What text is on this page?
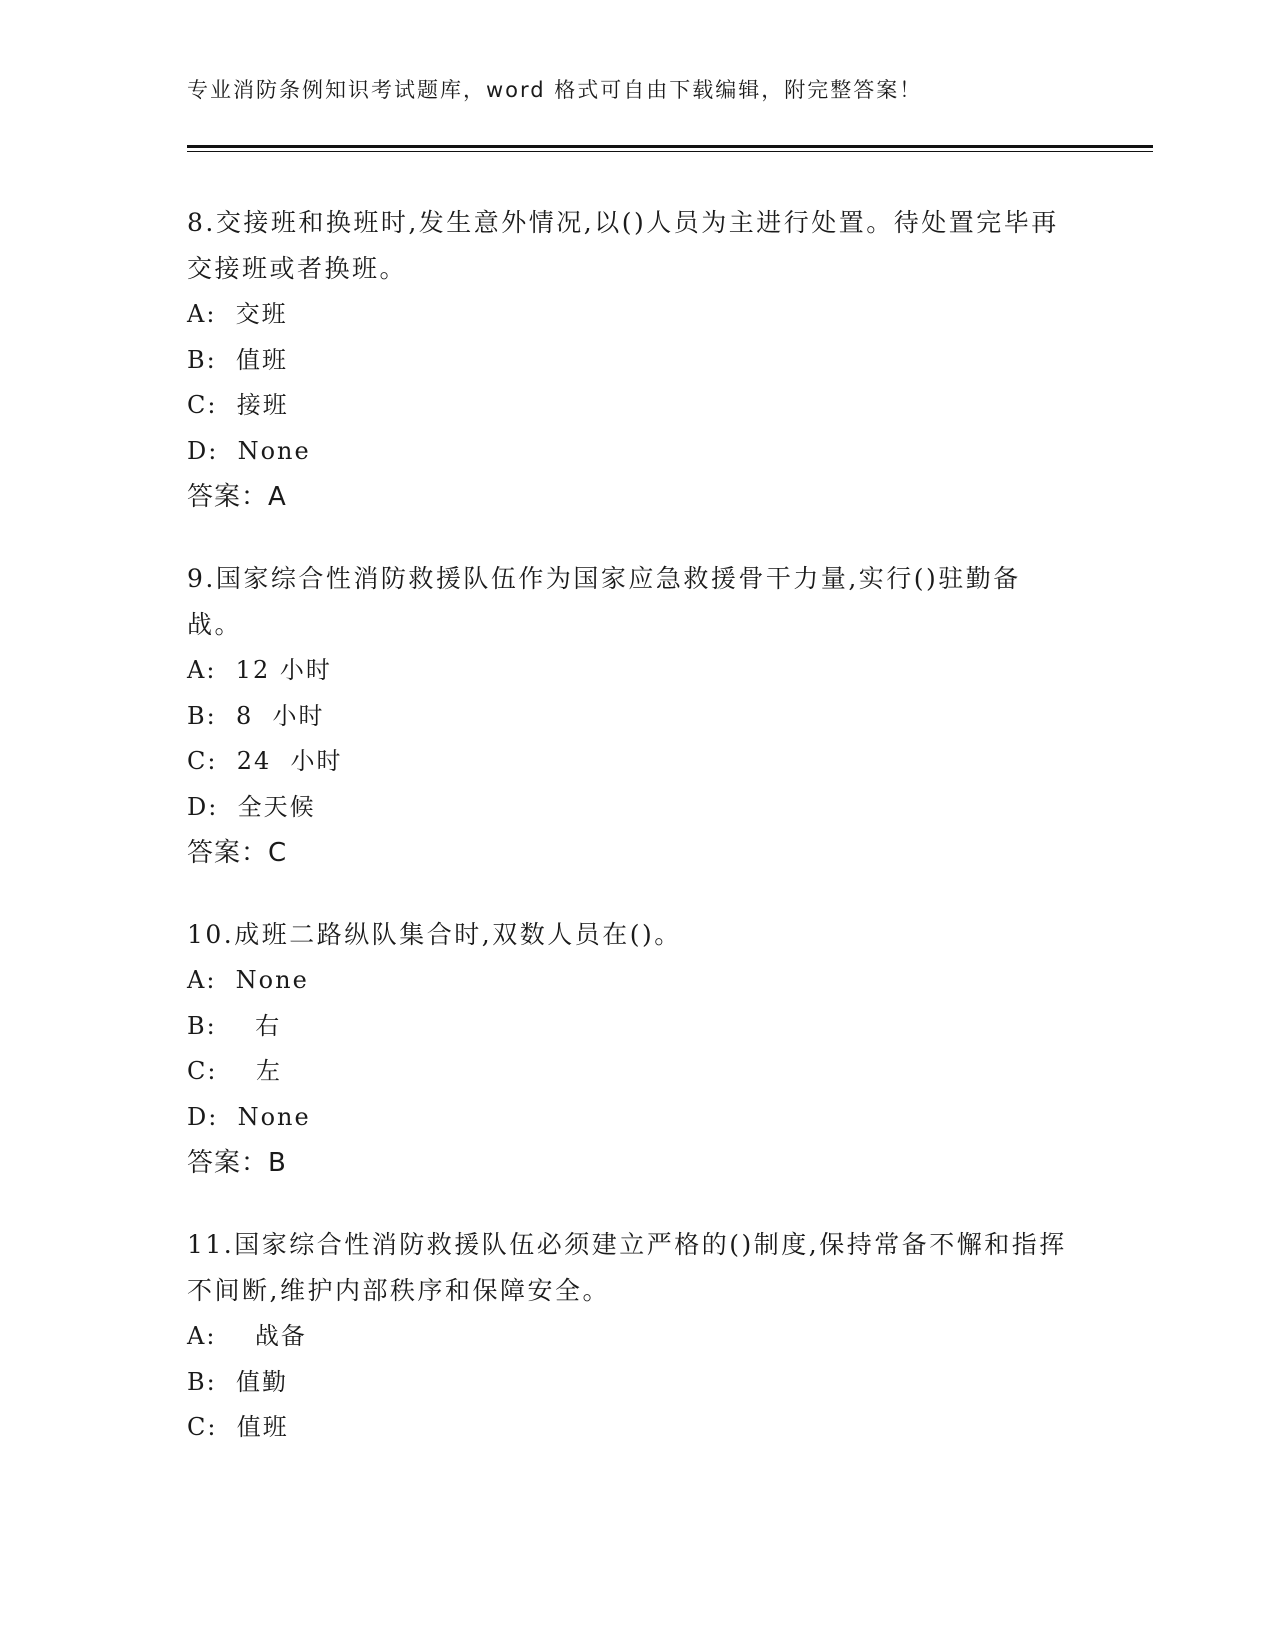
专业消防条例知识考试题库，word 格式可自由下载编辑，附完整答案！
8.交接班和换班时,发生意外情况,以()人员为主进行处置。待处置完毕再交接班或者换班。
A:  交班
B:  值班
C:  接班
D:  None
答案：A
9.国家综合性消防救援队伍作为国家应急救援骨干力量,实行()驻勤备战。
A:  12 小时
B:  8  小时
C:  24  小时
D:  全天候
答案：C
10.成班二路纵队集合时,双数人员在()。
A:  None
B:    右
C:    左
D:  None
答案：B
11.国家综合性消防救援队伍必须建立严格的()制度,保持常备不懈和指挥不间断,维护内部秩序和保障安全。
A:    战备
B:  值勤
C:  值班
